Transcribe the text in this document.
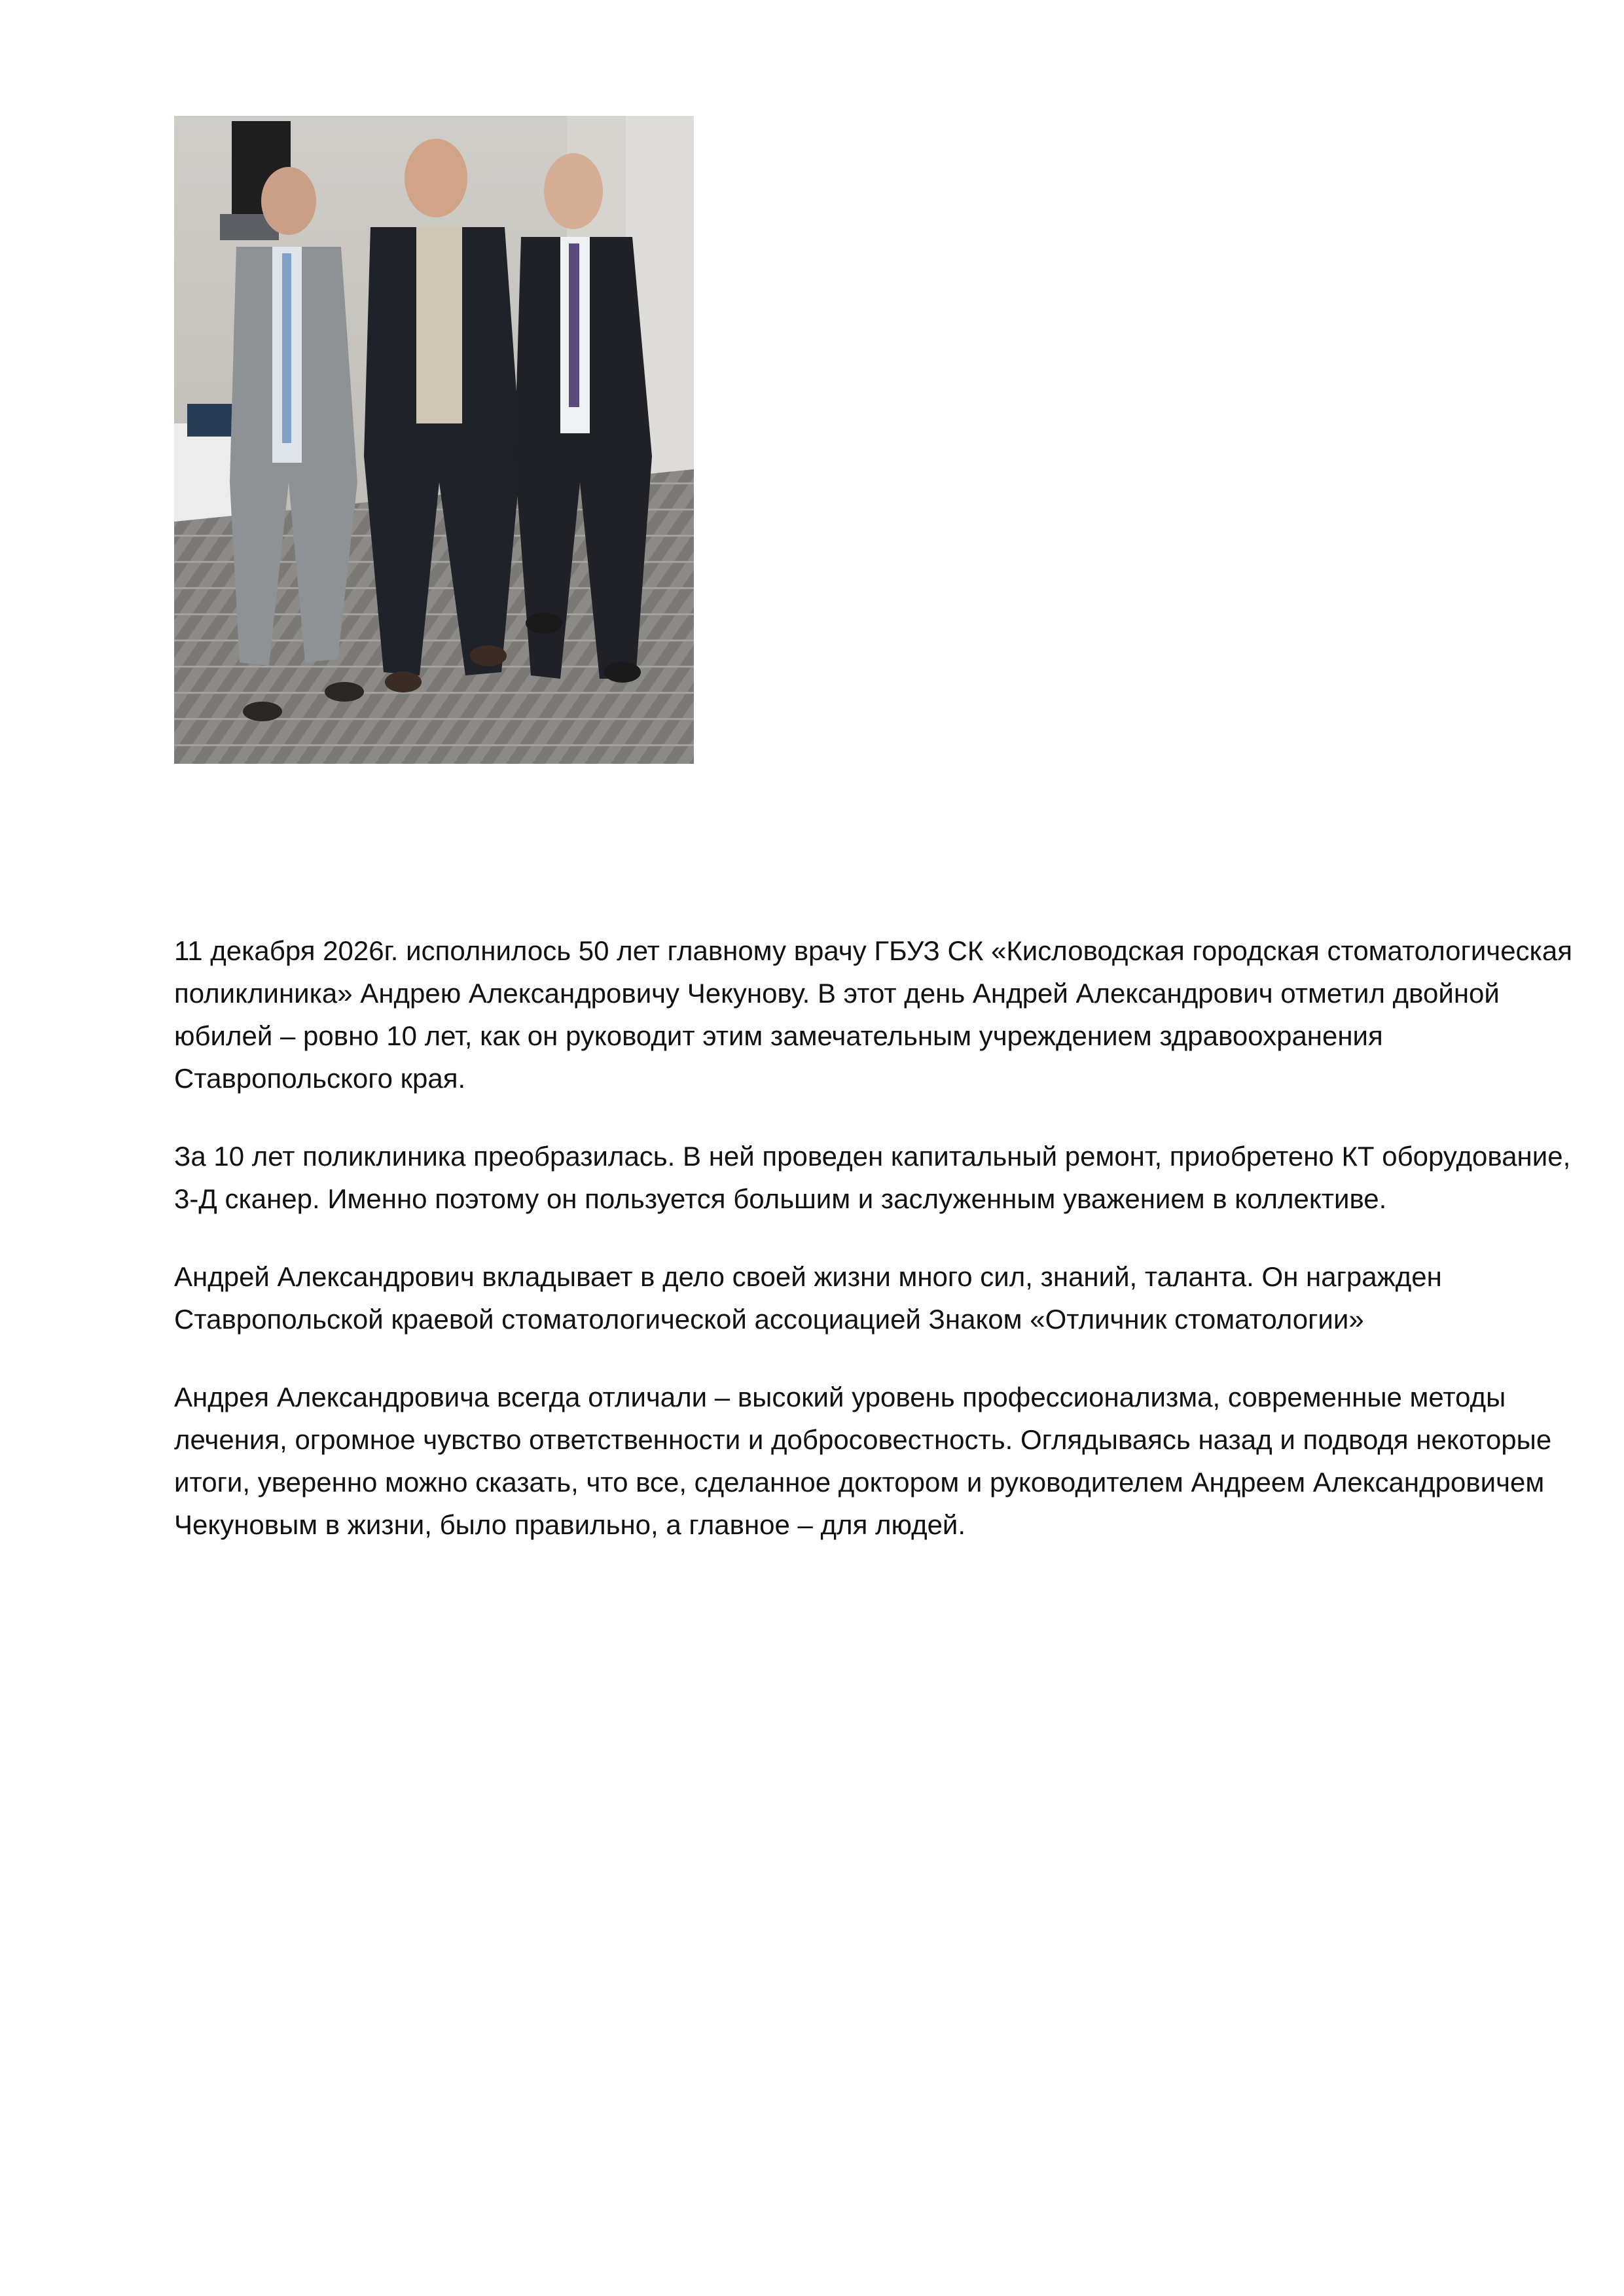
11 декабря 2026г. исполнилось 50 лет главному врачу ГБУЗ СК «Кисловодская городская стоматологическая поликлиника» Андрею Александровичу Чекунову. В этот день Андрей Александрович отметил двойной юбилей – ровно 10 лет, как он руководит этим замечательным учреждением здравоохранения Ставропольского края.

За 10 лет поликлиника преобразилась. В ней проведен капитальный ремонт, приобретено КТ оборудование, 3-Д сканер. Именно поэтому он пользуется большим и заслуженным уважением в коллективе.

Андрей Александрович вкладывает в дело своей жизни много сил, знаний, таланта. Он награжден Ставропольской краевой стоматологической ассоциацией Знаком «Отличник стоматологии»

Андрея Александровича всегда отличали – высокий уровень профессионализма, современные методы лечения, огромное чувство ответственности и добросовестность. Оглядываясь назад и подводя некоторые итоги, уверенно можно сказать, что все, сделанное доктором и руководителем Андреем Александровичем Чекуновым в жизни, было правильно, а главное – для людей.
